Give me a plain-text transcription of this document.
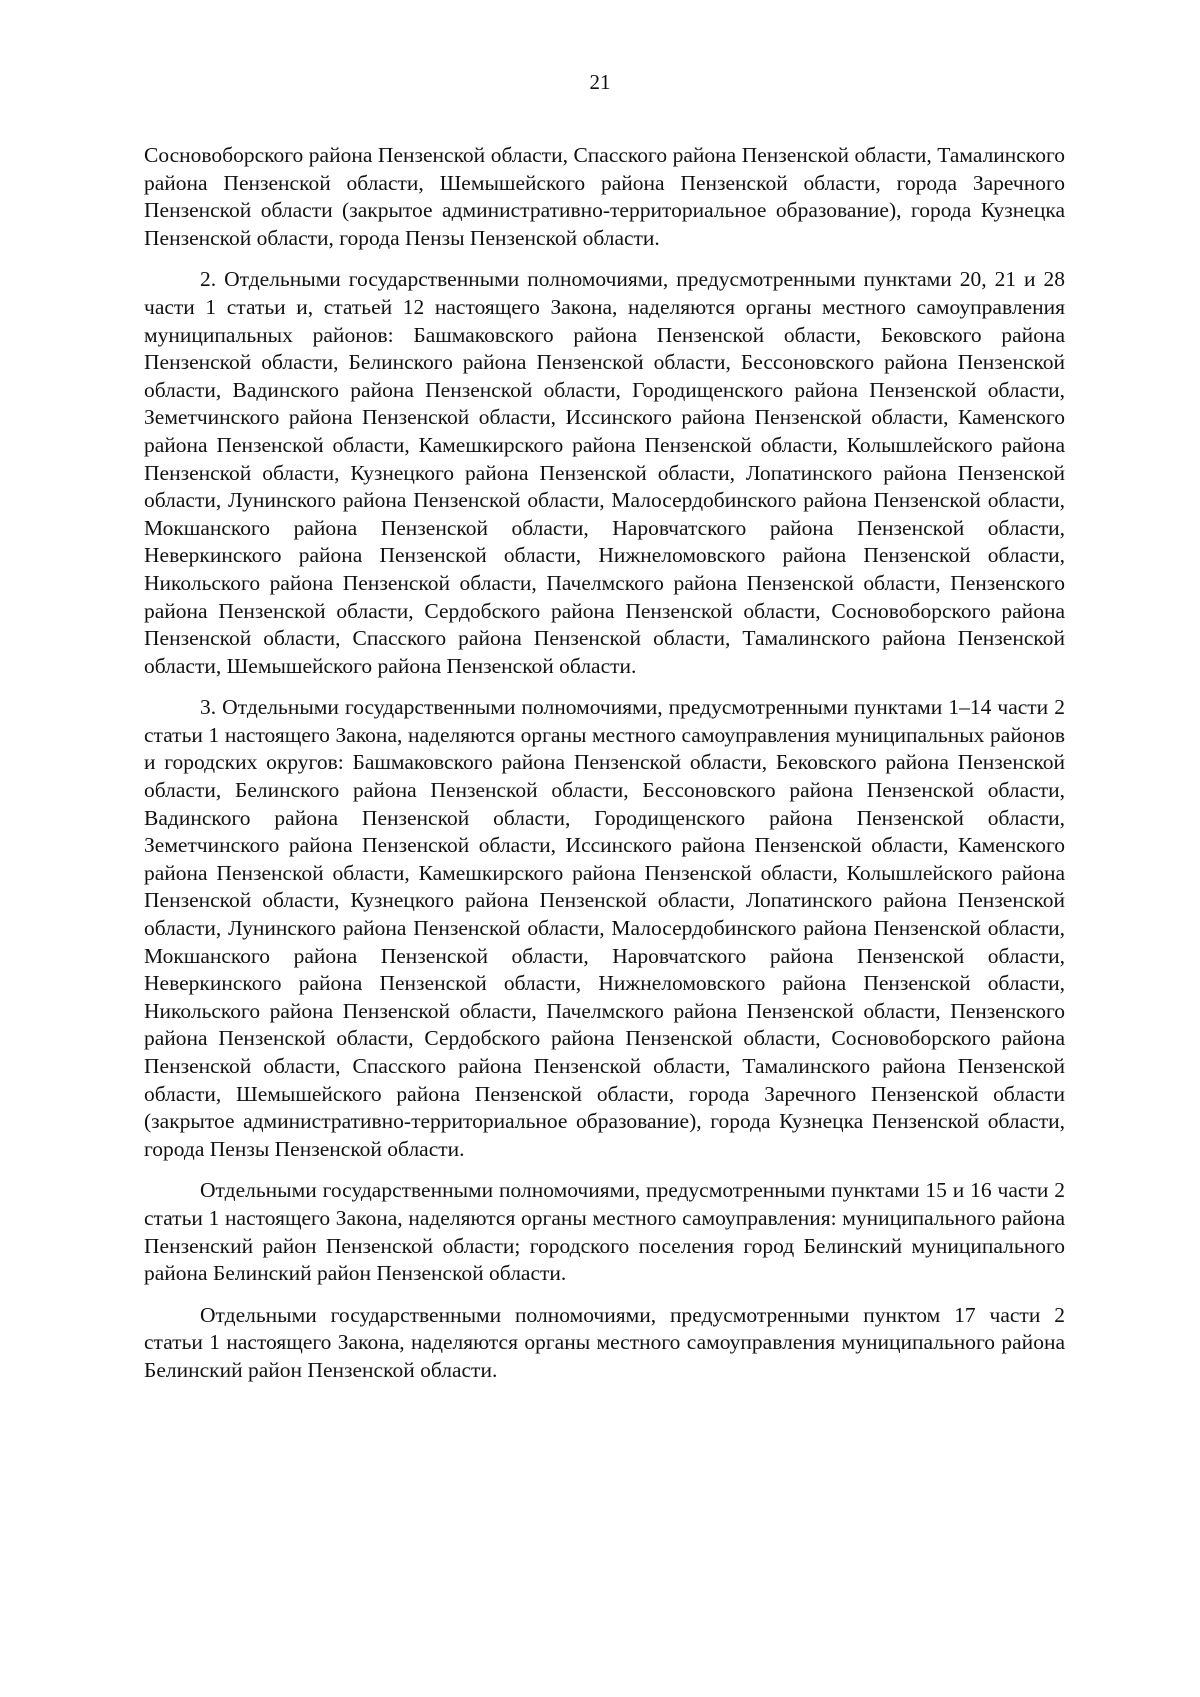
21

Сосновоборского района Пензенской области, Спасского района Пензенской области, Тамалинского района Пензенской области, Шемышейского района Пензенской области, города Заречного Пензенской области (закрытое административно-территориальное образование), города Кузнецка Пензенской области, города Пензы Пензенской области.

2. Отдельными государственными полномочиями, предусмотренными пунктами 20, 21 и 28 части 1 статьи и, статьей 12 настоящего Закона, наделяются органы местного самоуправления муниципальных районов: Башмаковского района Пензенской области, Бековского района Пензенской области, Белинского района Пензенской области, Бессоновского района Пензенской области, Вадинского района Пензенской области, Городищенского района Пензенской области, Земетчинского района Пензенской области, Иссинского района Пензенской области, Каменского района Пензенской области, Камешкирского района Пензенской области, Колышлейского района Пензенской области, Кузнецкого района Пензенской области, Лопатинского района Пензенской области, Лунинского района Пензенской области, Малосердобинского района Пензенской области, Мокшанского района Пензенской области, Наровчатского района Пензенской области, Неверкинского района Пензенской области, Нижнеломовского района Пензенской области, Никольского района Пензенской области, Пачелмского района Пензенской области, Пензенского района Пензенской области, Сердобского района Пензенской области, Сосновоборского района Пензенской области, Спасского района Пензенской области, Тамалинского района Пензенской области, Шемышейского района Пензенской области.

3. Отдельными государственными полномочиями, предусмотренными пунктами 1–14 части 2 статьи 1 настоящего Закона, наделяются органы местного самоуправления муниципальных районов и городских округов: Башмаковского района Пензенской области, Бековского района Пензенской области, Белинского района Пензенской области, Бессоновского района Пензенской области, Вадинского района Пензенской области, Городищенского района Пензенской области, Земетчинского района Пензенской области, Иссинского района Пензенской области, Каменского района Пензенской области, Камешкирского района Пензенской области, Колышлейского района Пензенской области, Кузнецкого района Пензенской области, Лопатинского района Пензенской области, Лунинского района Пензенской области, Малосердобинского района Пензенской области, Мокшанского района Пензенской области, Наровчатского района Пензенской области, Неверкинского района Пензенской области, Нижнеломовского района Пензенской области, Никольского района Пензенской области, Пачелмского района Пензенской области, Пензенского района Пензенской области, Сердобского района Пензенской области, Сосновоборского района Пензенской области, Спасского района Пензенской области, Тамалинского района Пензенской области, Шемышейского района Пензенской области, города Заречного Пензенской области (закрытое административно-территориальное образование), города Кузнецка Пензенской области, города Пензы Пензенской области.

Отдельными государственными полномочиями, предусмотренными пунктами 15 и 16 части 2 статьи 1 настоящего Закона, наделяются органы местного самоуправления: муниципального района Пензенский район Пензенской области; городского поселения город Белинский муниципального района Белинский район Пензенской области.

Отдельными государственными полномочиями, предусмотренными пунктом 17 части 2 статьи 1 настоящего Закона, наделяются органы местного самоуправления муниципального района Белинский район Пензенской области.
